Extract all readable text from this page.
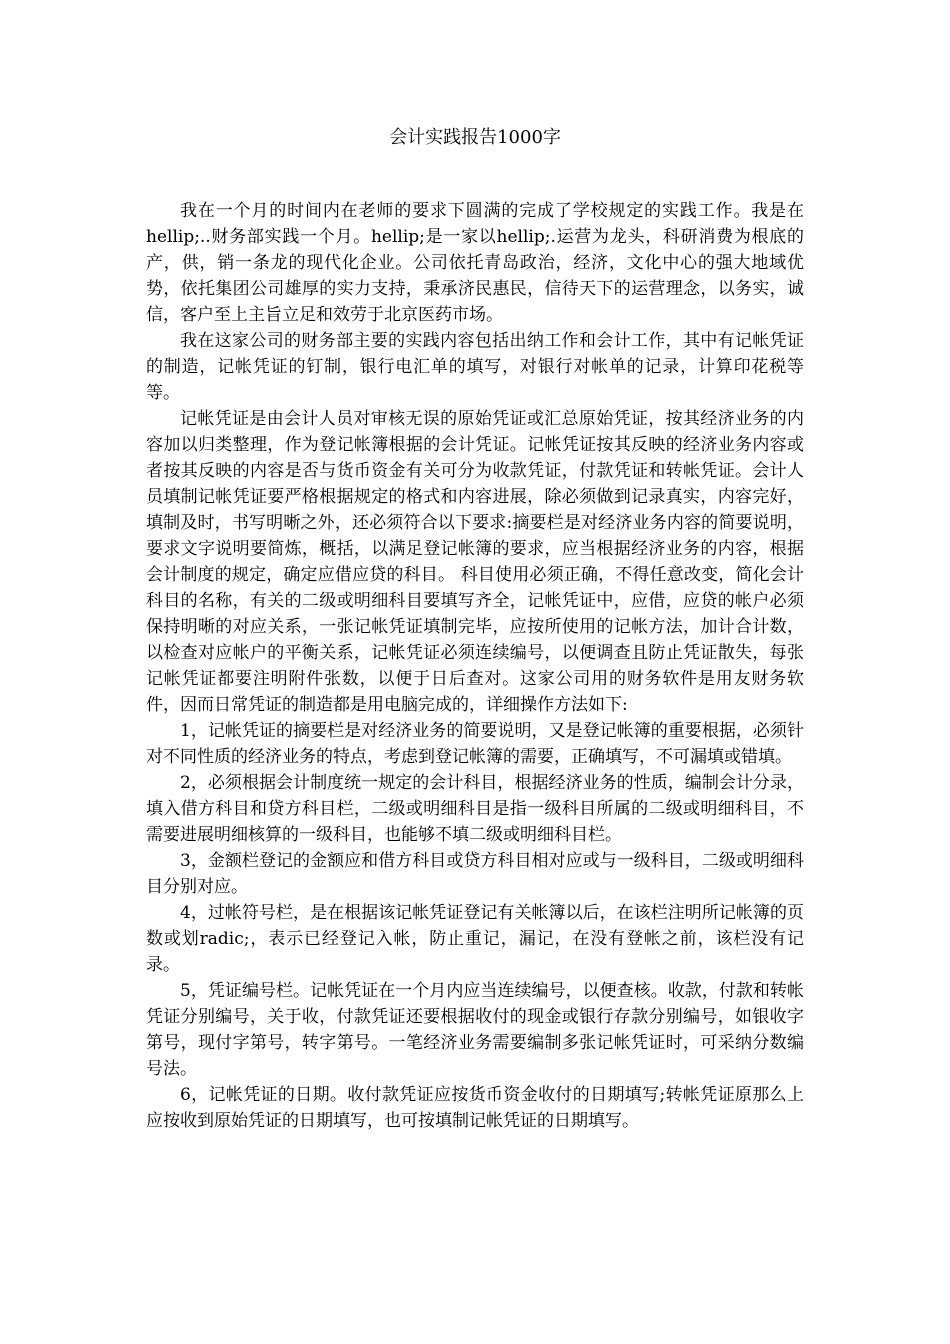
会计实践报告1000字

我在一个月的时间内在老师的要求下圆满的完成了学校规定的实践工作。我是在hellip;..财务部实践一个月。hellip;是一家以hellip;.运营为龙头，科研消费为根底的产，供，销一条龙的现代化企业。公司依托青岛政治，经济，文化中心的强大地域优势，依托集团公司雄厚的实力支持，秉承济民惠民，信待天下的运营理念，以务实，诚信，客户至上主旨立足和效劳于北京医药市场。

我在这家公司的财务部主要的实践内容包括出纳工作和会计工作，其中有记帐凭证的制造，记帐凭证的钉制，银行电汇单的填写，对银行对帐单的记录，计算印花税等等。

记帐凭证是由会计人员对审核无误的原始凭证或汇总原始凭证，按其经济业务的内容加以归类整理，作为登记帐簿根据的会计凭证。记帐凭证按其反映的经济业务内容或者按其反映的内容是否与货币资金有关可分为收款凭证，付款凭证和转帐凭证。会计人员填制记帐凭证要严格根据规定的格式和内容进展，除必须做到记录真实，内容完好，填制及时，书写明晰之外，还必须符合以下要求:摘要栏是对经济业务内容的简要说明，要求文字说明要简炼，概括，以满足登记帐簿的要求，应当根据经济业务的内容，根据会计制度的规定，确定应借应贷的科目。 科目使用必须正确，不得任意改变，简化会计科目的名称，有关的二级或明细科目要填写齐全，记帐凭证中，应借，应贷的帐户必须保持明晰的对应关系，一张记帐凭证填制完毕，应按所使用的记帐方法，加计合计数，以检查对应帐户的平衡关系，记帐凭证必须连续编号，以便调查且防止凭证散失，每张记帐凭证都要注明附件张数，以便于日后查对。这家公司用的财务软件是用友财务软件，因而日常凭证的制造都是用电脑完成的，详细操作方法如下:

1，记帐凭证的摘要栏是对经济业务的简要说明，又是登记帐簿的重要根据，必须针对不同性质的经济业务的特点，考虑到登记帐簿的需要，正确填写，不可漏填或错填。

2，必须根据会计制度统一规定的会计科目，根据经济业务的性质，编制会计分录，填入借方科目和贷方科目栏，二级或明细科目是指一级科目所属的二级或明细科目，不需要进展明细核算的一级科目，也能够不填二级或明细科目栏。

3，金额栏登记的金额应和借方科目或贷方科目相对应或与一级科目，二级或明细科目分别对应。

4，过帐符号栏，是在根据该记帐凭证登记有关帐簿以后，在该栏注明所记帐簿的页数或划radic;，表示已经登记入帐，防止重记，漏记，在没有登帐之前，该栏没有记录。

5，凭证编号栏。记帐凭证在一个月内应当连续编号，以便查核。收款，付款和转帐凭证分别编号，关于收，付款凭证还要根据收付的现金或银行存款分别编号，如银收字第号，现付字第号，转字第号。一笔经济业务需要编制多张记帐凭证时，可采纳分数编号法。

6，记帐凭证的日期。收付款凭证应按货币资金收付的日期填写;转帐凭证原那么上应按收到原始凭证的日期填写，也可按填制记帐凭证的日期填写。
